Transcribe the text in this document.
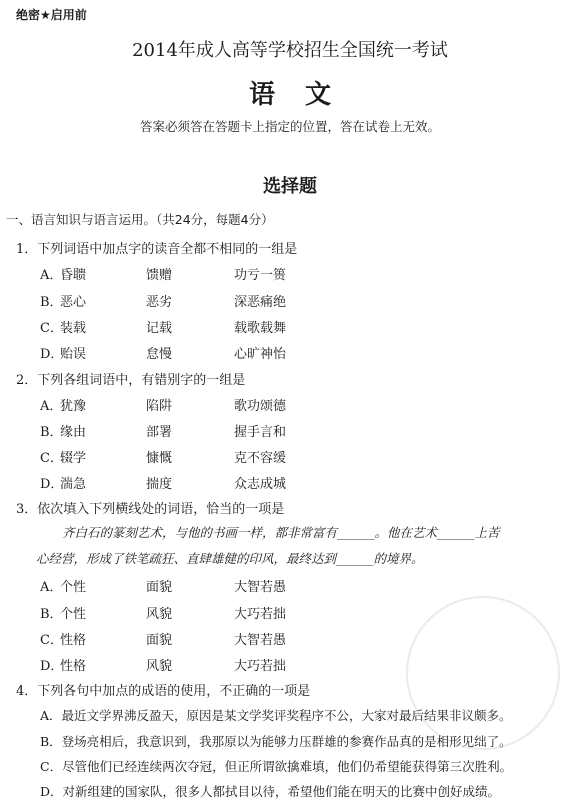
绝密★启用前
2014年成人高等学校招生全国统一考试
语文
答案必须答在答题卡上指定的位置，答在试卷上无效。
选择题
一、语言知识与语言运用。（共24分，每题4分）
1．下列词语中加点字的读音全都不相同的一组是
A．
昏聩	馈赠	功亏一篑
B．
恶心	恶劣	深恶痛绝
C．
装载	记载	载歌载舞
D．
贻误	怠慢	心旷神怡
2．下列各组词语中，有错别字的一组是
A．
犹豫	陷阱	歌功颂德
B．
缘由	部署	握手言和
C．
辍学	慷慨	克不容缓
D．
湍急	揣度	众志成城
3．依次填入下列横线处的词语，恰当的一项是
齐白石的篆刻艺术，与他的书画一样，都非常富有______。他在艺术______上苦
心经营，形成了铁笔疏狂、直肆雄健的印风，最终达到______的境界。
A．
个性	面貌	大智若愚
B．
个性	风貌	大巧若拙
C．
性格	面貌	大智若愚
D．
性格	风貌	大巧若拙
4．下列各句中加点的成语的使用，不正确的一项是
A．最近文学界沸反盈天，原因是某文学奖评奖程序不公，大家对最后结果非议颇多。
B．登场亮相后，我意识到，我那原以为能够力压群雄的参赛作品真的是相形见绌了。
C．尽管他们已经连续两次夺冠，但正所谓欲擒难填，他们仍希望能获得第三次胜利。
D．对新组建的国家队，很多人都拭目以待，希望他们能在明天的比赛中创好成绩。
